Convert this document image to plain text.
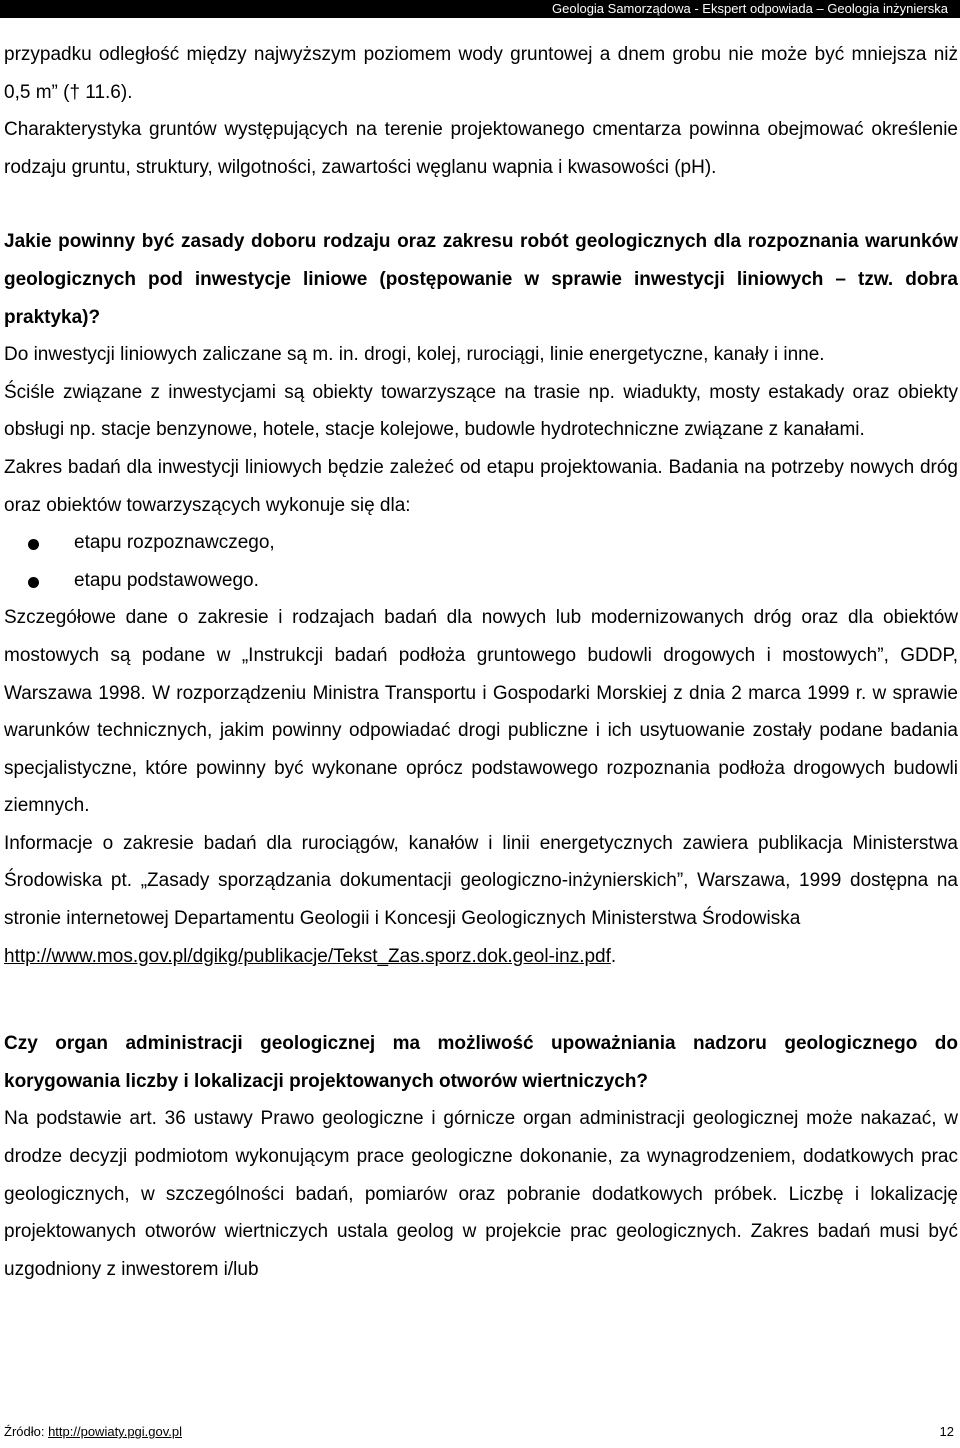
Geologia Samorządowa - Ekspert odpowiada – Geologia inżynierska

przypadku odległość między najwyższym poziomem wody gruntowej a dnem grobu nie może być mniejsza niż 0,5 m” († 11.6).

Charakterystyka gruntów występujących na terenie projektowanego cmentarza powinna obejmować określenie rodzaju gruntu, struktury, wilgotności, zawartości węglanu wapnia i kwasowości (pH).

Jakie powinny być zasady doboru rodzaju oraz zakresu robót geologicznych dla rozpoznania warunków geologicznych pod inwestycje liniowe (postępowanie w sprawie inwestycji liniowych – tzw. dobra praktyka)?

Do inwestycji liniowych zaliczane są m. in. drogi, kolej, rurociągi, linie energetyczne, kanały i inne.

Ściśle związane z inwestycjami są obiekty towarzyszące na trasie np. wiadukty, mosty estakady oraz obiekty obsługi np. stacje benzynowe, hotele, stacje kolejowe, budowle hydrotechniczne związane z kanałami.

Zakres badań dla inwestycji liniowych będzie zależeć od etapu projektowania. Badania na potrzeby nowych dróg oraz obiektów towarzyszących wykonuje się dla:

etapu rozpoznawczego,
etapu podstawowego.

Szczegółowe dane o zakresie i rodzajach badań dla nowych lub modernizowanych dróg oraz dla obiektów mostowych są podane w „Instrukcji badań podłoża gruntowego budowli drogowych i mostowych”, GDDP, Warszawa 1998. W rozporządzeniu Ministra Transportu i Gospodarki Morskiej z dnia 2 marca 1999 r. w sprawie warunków technicznych, jakim powinny odpowiadać drogi publiczne i ich usytuowanie zostały podane badania specjalistyczne, które powinny być wykonane oprócz podstawowego rozpoznania podłoża drogowych budowli ziemnych.

Informacje o zakresie badań dla rurociągów, kanałów i linii energetycznych zawiera publikacja Ministerstwa Środowiska pt. „Zasady sporządzania dokumentacji geologiczno-inżynierskich”, Warszawa, 1999 dostępna na stronie internetowej Departamentu Geologii i Koncesji Geologicznych Ministerstwa Środowiska

http://www.mos.gov.pl/dgikg/publikacje/Tekst_Zas.sporz.dok.geol-inz.pdf.

Czy organ administracji geologicznej ma możliwość upoważniania nadzoru geologicznego do korygowania liczby i lokalizacji projektowanych otworów wiertniczych?

Na podstawie art. 36 ustawy Prawo geologiczne i górnicze organ administracji geologicznej może nakazać, w drodze decyzji podmiotom wykonującym prace geologiczne dokonanie, za wynagrodzeniem, dodatkowych prac geologicznych, w szczególności badań, pomiarów oraz pobranie dodatkowych próbek. Liczbę i lokalizację projektowanych otworów wiertniczych ustala geolog w projekcie prac geologicznych. Zakres badań musi być uzgodniony z inwestorem i/lub

Źródło: http://powiaty.pgi.gov.pl	12
